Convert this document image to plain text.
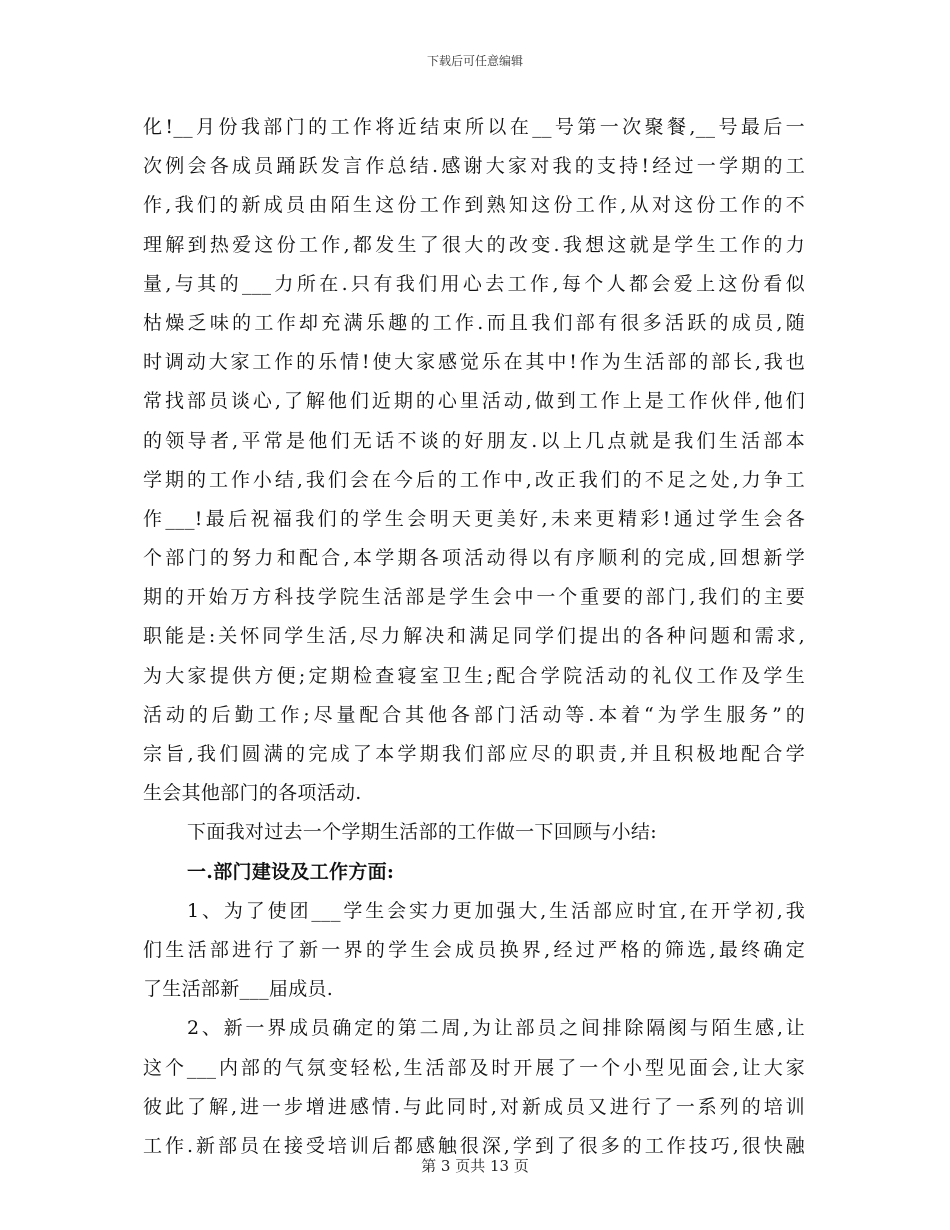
下载后可任意编辑
化!__月份我部门的工作将近结束所以在__号第一次聚餐,__号最后一
次例会各成员踊跃发言作总结.感谢大家对我的支持!经过一学期的工
作,我们的新成员由陌生这份工作到熟知这份工作,从对这份工作的不
理解到热爱这份工作,都发生了很大的改变.我想这就是学生工作的力
量,与其的___力所在.只有我们用心去工作,每个人都会爱上这份看似
枯燥乏味的工作却充满乐趣的工作.而且我们部有很多活跃的成员,随
时调动大家工作的乐情!使大家感觉乐在其中!作为生活部的部长,我也
常找部员谈心,了解他们近期的心里活动,做到工作上是工作伙伴,他们
的领导者,平常是他们无话不谈的好朋友.以上几点就是我们生活部本
学期的工作小结,我们会在今后的工作中,改正我们的不足之处,力争工
作___!最后祝福我们的学生会明天更美好,未来更精彩!通过学生会各
个部门的努力和配合,本学期各项活动得以有序顺利的完成,回想新学
期的开始万方科技学院生活部是学生会中一个重要的部门,我们的主要
职能是:关怀同学生活,尽力解决和满足同学们提出的各种问题和需求,
为大家提供方便;定期检查寝室卫生;配合学院活动的礼仪工作及学生
活动的后勤工作;尽量配合其他各部门活动等.本着“为学生服务”的
宗旨,我们圆满的完成了本学期我们部应尽的职责,并且积极地配合学
生会其他部门的各项活动.
下面我对过去一个学期生活部的工作做一下回顾与小结:
一.部门建设及工作方面:
1、为了使团___学生会实力更加强大,生活部应时宜,在开学初,我
们生活部进行了新一界的学生会成员换界,经过严格的筛选,最终确定
了生活部新___届成员.
2、新一界成员确定的第二周,为让部员之间排除隔阂与陌生感,让
这个___内部的气氛变轻松,生活部及时开展了一个小型见面会,让大家
彼此了解,进一步增进感情.与此同时,对新成员又进行了一系列的培训
工作.新部员在接受培训后都感触很深,学到了很多的工作技巧,很快融
第 3 页共 13 页
